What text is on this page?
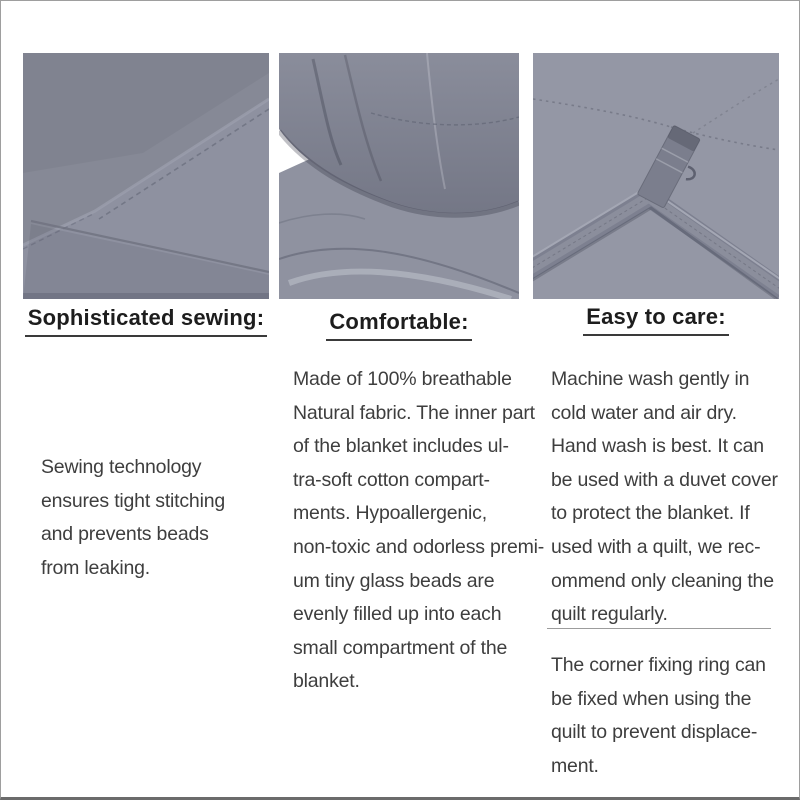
Sophisticated sewing:
Sewing technology
ensures tight stitching
and prevents beads
from leaking.
Comfortable:
Made of 100% breathable
Natural fabric. The inner part
of the blanket includes ul-
tra-soft cotton compart-
ments. Hypoallergenic,
non-toxic and odorless premi-
um tiny glass beads are
evenly filled up into each
small compartment of the
blanket.
Easy to care:
Machine wash gently in
cold water and air dry.
Hand wash is best. It can
be used with a duvet cover
to protect the blanket. If
used with a quilt, we rec-
ommend only cleaning the
quilt regularly.
The corner fixing ring can
be fixed when using the
quilt to prevent displace-
ment.
